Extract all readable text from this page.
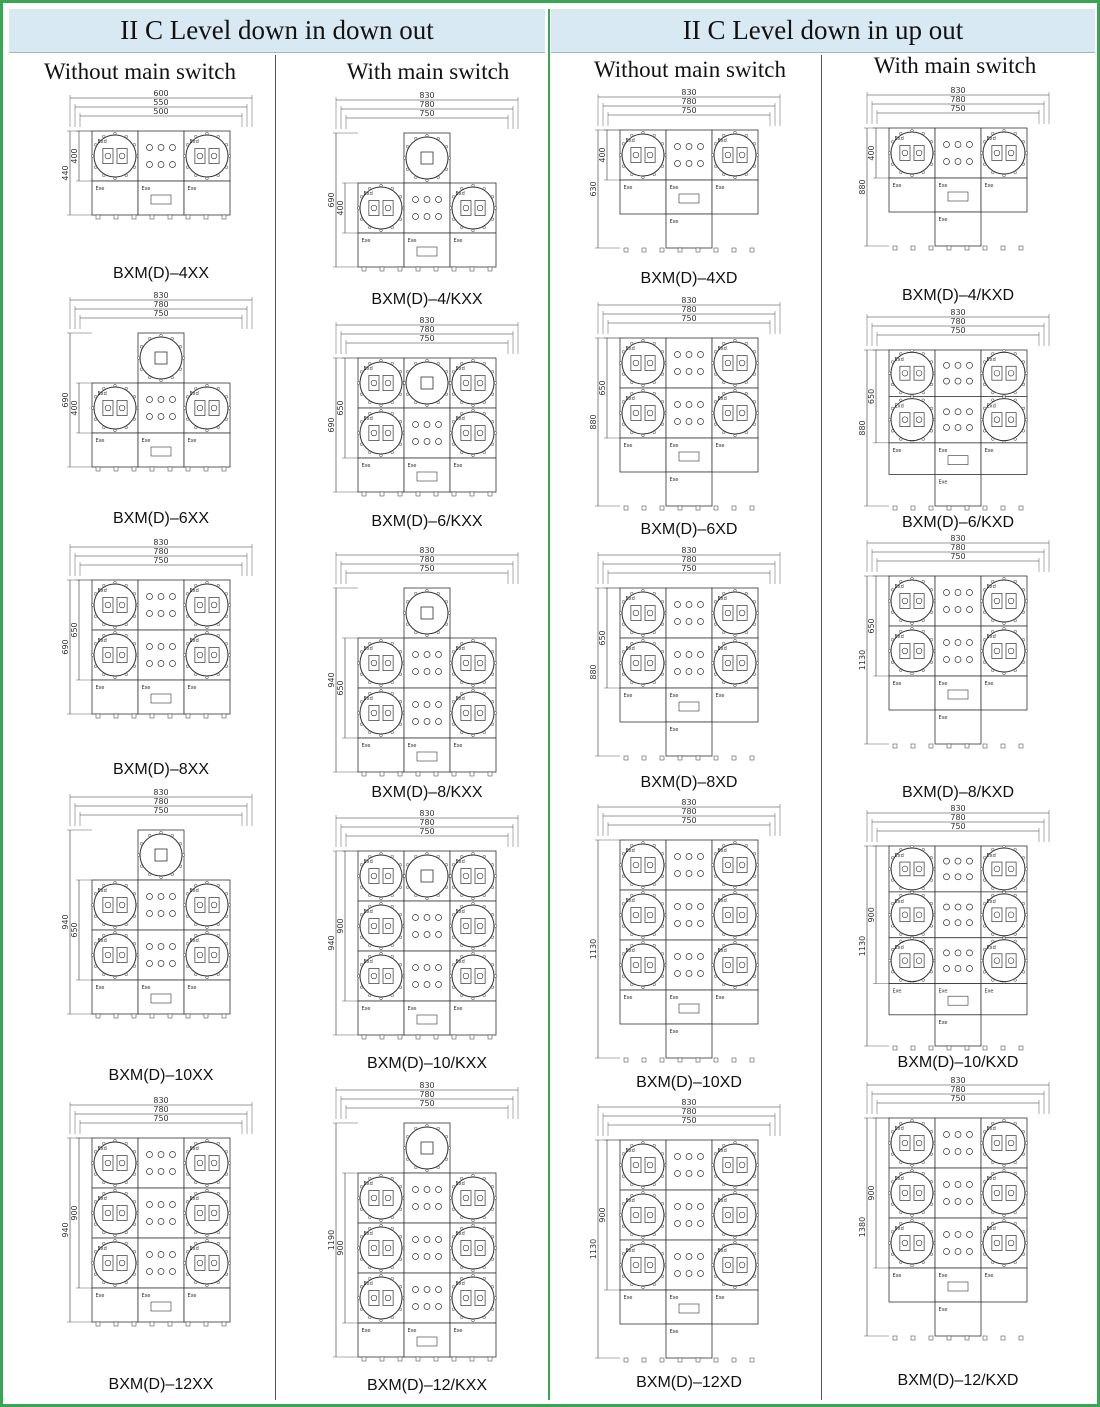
II C Level down in down out	II C Level down in up out
Without main switch	With main switch	Without main switch	With main switch
600
550
500
Exd	Exd
Exe	Exe	Exe
440
400
BXM(D)–4XX
830
780
750
Exd	Exd
Exe	Exe	Exe
690
400
BXM(D)–6XX
830
780
750
Exd	Exd
Exd	Exd
Exe	Exe	Exe
690
650
BXM(D)–8XX
830
780
750
Exd	Exd
Exd	Exd
Exe	Exe	Exe
940
650
BXM(D)–10XX
830
780
750
Exd	Exd
Exd	Exd
Exd	Exd
Exe	Exe	Exe
940
900
BXM(D)–12XX
830
780
750
Exd	Exd
Exe	Exe	Exe
690
400
BXM(D)–4/KXX
830
780
750
Exd	Exd
Exd	Exd
Exe	Exe	Exe
690
650
BXM(D)–6/KXX
830
780
750
Exd	Exd
Exd	Exd
Exe	Exe	Exe
940
650
BXM(D)–8/KXX
830
780
750
Exd	Exd
Exd	Exd
Exd	Exd
Exe	Exe	Exe
940
900
BXM(D)–10/KXX
830
780
750
Exd	Exd
Exd	Exd
Exd	Exd
Exe	Exe	Exe
1190 900
BXM(D)–12/KXX
830
780
750
Exd	Exd
Exe	Exe	Exe
Exe
630
400
BXM(D)–4XD
830
780
750
Exd	Exd
Exd	Exd
Exe	Exe	Exe
Exe
880
650
BXM(D)–6XD
830
780
750
Exd	Exd
Exd	Exd
Exe	Exe	Exe
Exe
880
650
BXM(D)–8XD
830
780
750
Exd	Exd
Exd	Exd
Exd	Exd
Exe	Exe	Exe
Exe
1130
BXM(D)–10XD
830
780
750
Exd	Exd
Exd	Exd
Exd	Exd
Exe	Exe	Exe
Exe
1130
900
BXM(D)–12XD
830
780
750
Exd	Exd
Exe	Exe	Exe
Exe
880
400
BXM(D)–4/KXD
830
780
750
Exd	Exd
Exd	Exd
Exe	Exe	Exe
Exe
880
650
BXM(D)–6/KXD
830
780
750
Exd	Exd
Exd	Exd
Exe	Exe	Exe
Exe
1130
650
BXM(D)–8/KXD
830
780
750
Exd	Exd
Exd	Exd
Exd	Exd
Exe	Exe	Exe
Exe
1130
900
BXM(D)–10/KXD
830
780
750
Exd	Exd
Exd	Exd
Exd	Exd
Exe	Exe	Exe
Exe
1380
900
BXM(D)–12/KXD
